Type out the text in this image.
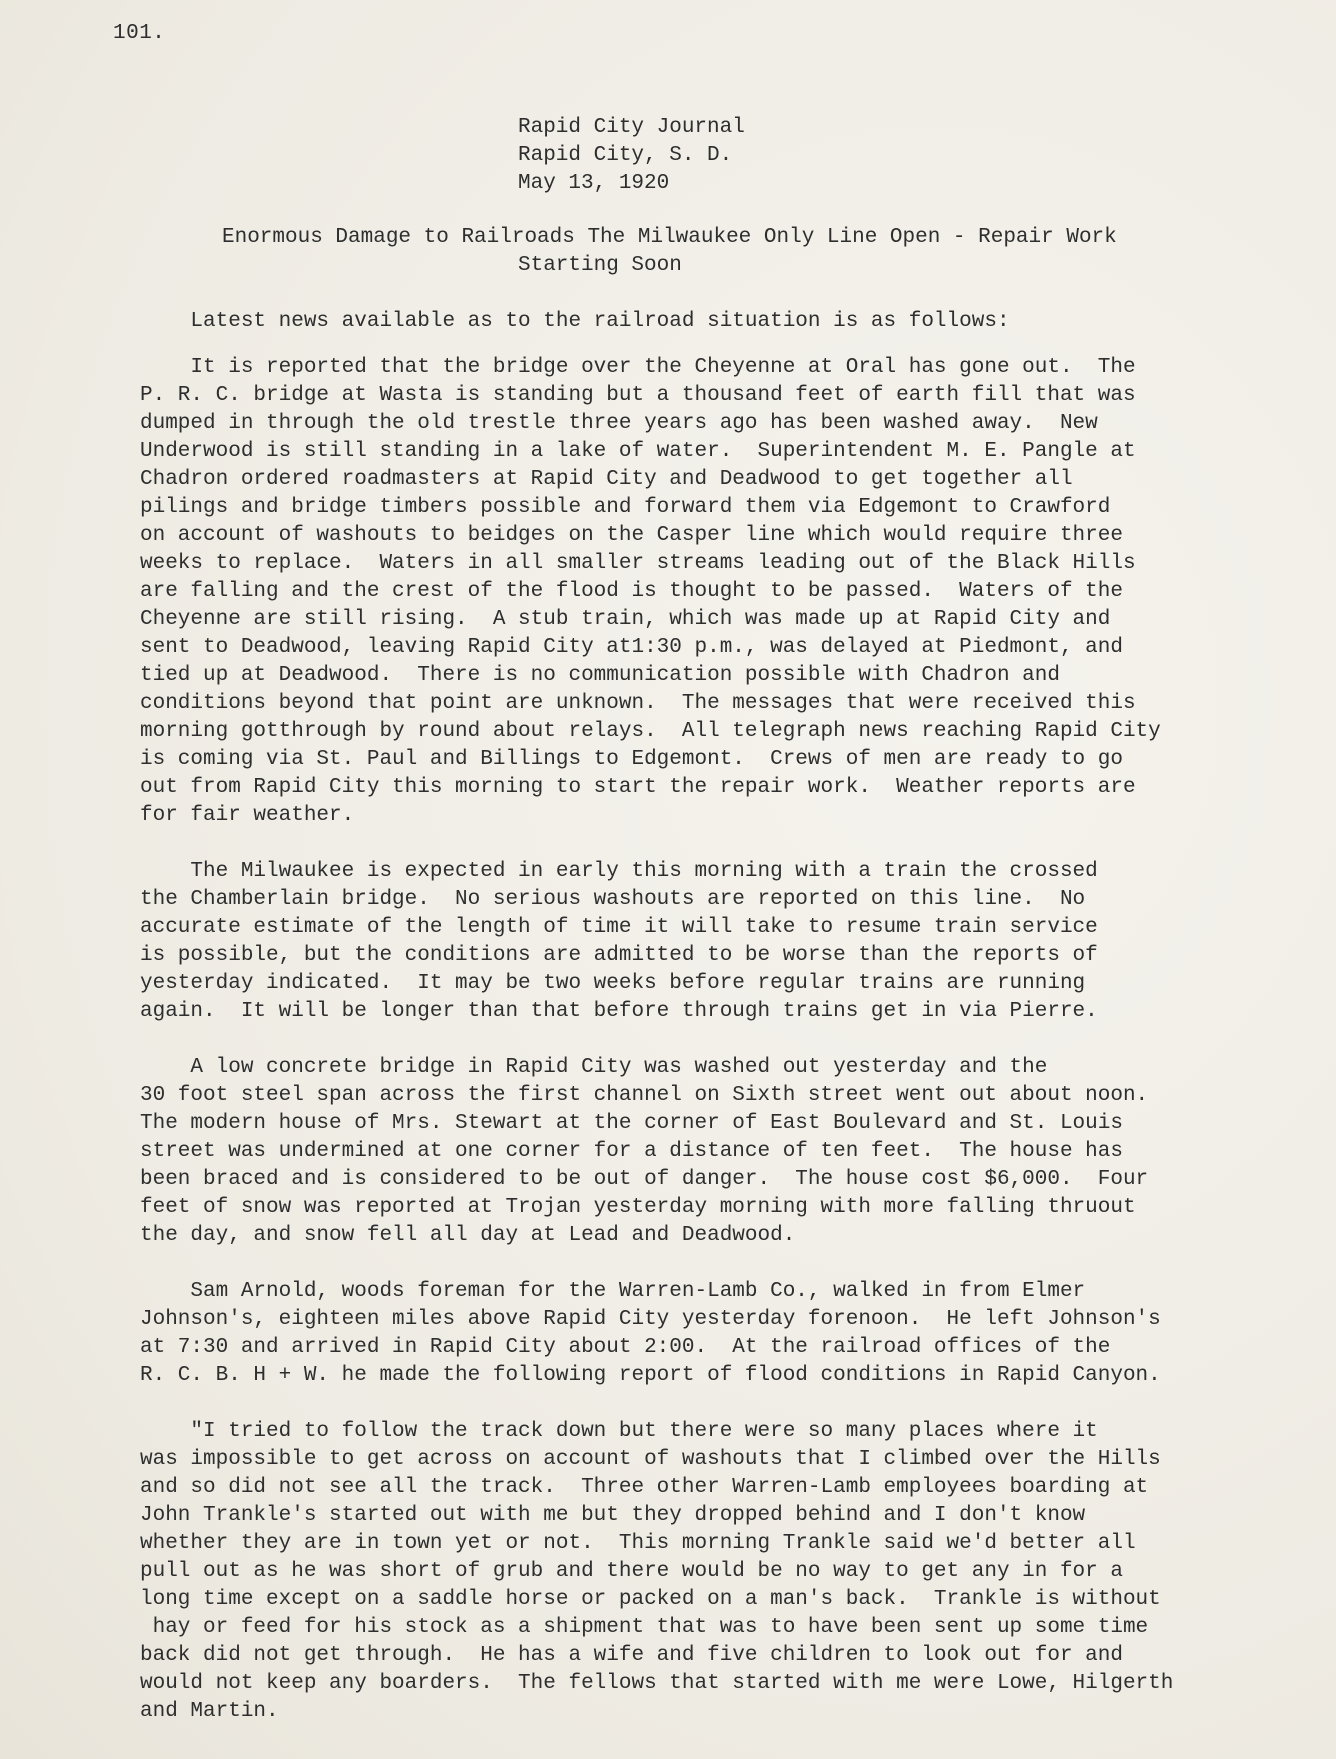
101.
Rapid City Journal
Rapid City, S. D.
May 13, 1920
Enormous Damage to Railroads The Milwaukee Only Line Open - Repair Work
Starting Soon
Latest news available as to the railroad situation is as follows:
It is reported that the bridge over the Cheyenne at Oral has gone out.  The
P. R. C. bridge at Wasta is standing but a thousand feet of earth fill that was
dumped in through the old trestle three years ago has been washed away.  New
Underwood is still standing in a lake of water.  Superintendent M. E. Pangle at
Chadron ordered roadmasters at Rapid City and Deadwood to get together all
pilings and bridge timbers possible and forward them via Edgemont to Crawford
on account of washouts to beidges on the Casper line which would require three
weeks to replace.  Waters in all smaller streams leading out of the Black Hills
are falling and the crest of the flood is thought to be passed.  Waters of the
Cheyenne are still rising.  A stub train, which was made up at Rapid City and
sent to Deadwood, leaving Rapid City at1:30 p.m., was delayed at Piedmont, and
tied up at Deadwood.  There is no communication possible with Chadron and
conditions beyond that point are unknown.  The messages that were received this
morning gotthrough by round about relays.  All telegraph news reaching Rapid City
is coming via St. Paul and Billings to Edgemont.  Crews of men are ready to go
out from Rapid City this morning to start the repair work.  Weather reports are
for fair weather.
The Milwaukee is expected in early this morning with a train the crossed
the Chamberlain bridge.  No serious washouts are reported on this line.  No
accurate estimate of the length of time it will take to resume train service
is possible, but the conditions are admitted to be worse than the reports of
yesterday indicated.  It may be two weeks before regular trains are running
again.  It will be longer than that before through trains get in via Pierre.
A low concrete bridge in Rapid City was washed out yesterday and the
30 foot steel span across the first channel on Sixth street went out about noon.
The modern house of Mrs. Stewart at the corner of East Boulevard and St. Louis
street was undermined at one corner for a distance of ten feet.  The house has
been braced and is considered to be out of danger.  The house cost $6,000.  Four
feet of snow was reported at Trojan yesterday morning with more falling thruout
the day, and snow fell all day at Lead and Deadwood.
Sam Arnold, woods foreman for the Warren-Lamb Co., walked in from Elmer
Johnson's, eighteen miles above Rapid City yesterday forenoon.  He left Johnson's
at 7:30 and arrived in Rapid City about 2:00.  At the railroad offices of the
R. C. B. H + W. he made the following report of flood conditions in Rapid Canyon.
"I tried to follow the track down but there were so many places where it
was impossible to get across on account of washouts that I climbed over the Hills
and so did not see all the track.  Three other Warren-Lamb employees boarding at
John Trankle's started out with me but they dropped behind and I don't know
whether they are in town yet or not.  This morning Trankle said we'd better all
pull out as he was short of grub and there would be no way to get any in for a
long time except on a saddle horse or packed on a man's back.  Trankle is without
hay or feed for his stock as a shipment that was to have been sent up some time
back did not get through.  He has a wife and five children to look out for and
would not keep any boarders.  The fellows that started with me were Lowe, Hilgerth
and Martin.
